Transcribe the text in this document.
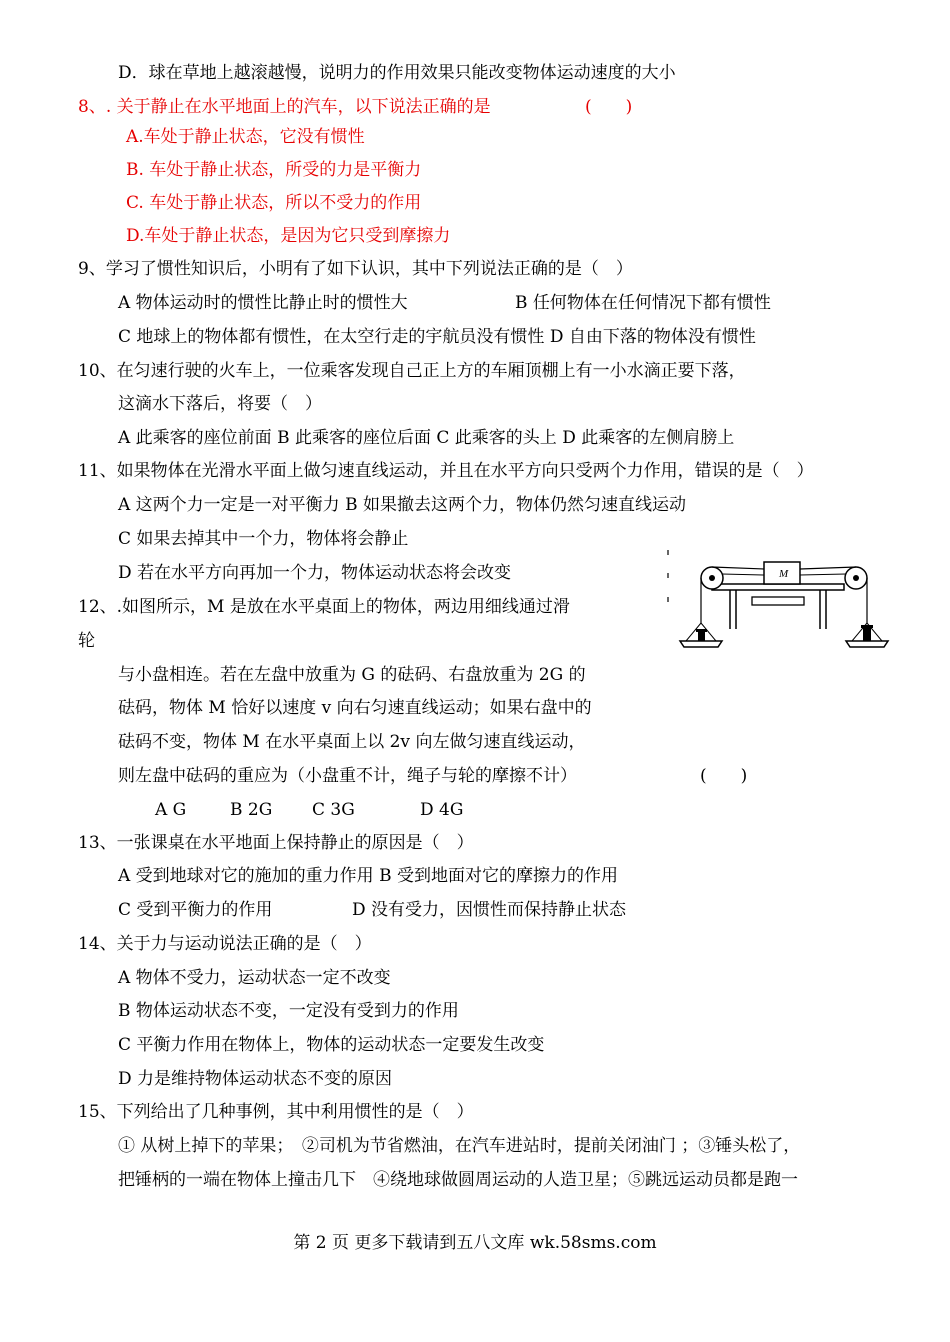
D．球在草地上越滚越慢，说明力的作用效果只能改变物体运动速度的大小
8、. 关于静止在水平地面上的汽车，以下说法正确的是	(　　)
A.车处于静止状态，它没有惯性
B. 车处于静止状态，所受的力是平衡力
C. 车处于静止状态，所以不受力的作用
D.车处于静止状态，是因为它只受到摩擦力
9、学习了惯性知识后，小明有了如下认识，其中下列说法正确的是（　）
A 物体运动时的惯性比静止时的惯性大	B 任何物体在任何情况下都有惯性
C 地球上的物体都有惯性，在太空行走的宇航员没有惯性 D 自由下落的物体没有惯性
10、在匀速行驶的火车上，一位乘客发现自己正上方的车厢顶棚上有一小水滴正要下落，
这滴水下落后，将要（　）
A 此乘客的座位前面 B 此乘客的座位后面 C 此乘客的头上 D 此乘客的左侧肩膀上
11、如果物体在光滑水平面上做匀速直线运动，并且在水平方向只受两个力作用，错误的是（　）
A 这两个力一定是一对平衡力 B 如果撤去这两个力，物体仍然匀速直线运动
C 如果去掉其中一个力，物体将会静止
D 若在水平方向再加一个力，物体运动状态将会改变
12、.如图所示，M 是放在水平桌面上的物体，两边用细线通过滑
轮
与小盘相连。若在左盘中放重为 G 的砝码、右盘放重为 2G 的
砝码，物体 M 恰好以速度 v 向右匀速直线运动；如果右盘中的
砝码不变，物体 M 在水平桌面上以 2v 向左做匀速直线运动，
则左盘中砝码的重应为（小盘重不计，绳子与轮的摩擦不计）	(　　)
A G	B 2G C 3G	D 4G
M
13、一张课桌在水平地面上保持静止的原因是（　）
A 受到地球对它的施加的重力作用 B 受到地面对它的摩擦力的作用
C 受到平衡力的作用	D 没有受力，因惯性而保持静止状态
14、关于力与运动说法正确的是（　）
A 物体不受力，运动状态一定不改变
B 物体运动状态不变，一定没有受到力的作用
C 平衡力作用在物体上，物体的运动状态一定要发生改变
D 力是维持物体运动状态不变的原因
15、下列给出了几种事例，其中利用惯性的是（　）
① 从树上掉下的苹果；　②司机为节省燃油，在汽车进站时，提前关闭油门 ；③锤头松了，
把锤柄的一端在物体上撞击几下　④绕地球做圆周运动的人造卫星；⑤跳远运动员都是跑一
第 2 页 更多下载请到五八文库 wk.58sms.com
